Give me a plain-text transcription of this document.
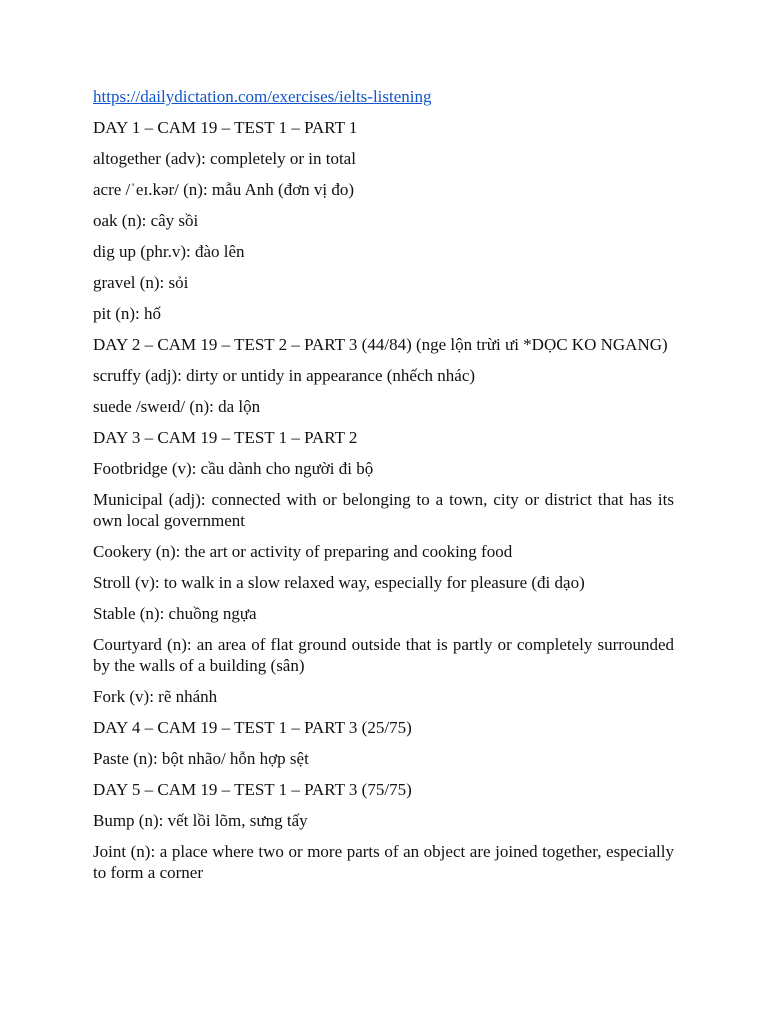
https://dailydictation.com/exercises/ielts-listening

DAY 1 – CAM 19 – TEST 1 – PART 1

altogether (adv): completely or in total

acre /ˈeɪ.kər/ (n): mẫu Anh (đơn vị đo)

oak (n): cây sồi

dig up (phr.v): đào lên

gravel (n): sỏi

pit (n): hố

DAY 2 – CAM 19 – TEST 2 – PART 3 (44/84) (nge lộn trừi ưi *DỌC KO NGANG)

scruffy (adj): dirty or untidy in appearance (nhếch nhác)

suede /sweɪd/ (n): da lộn

DAY 3 – CAM 19 – TEST 1 – PART 2

Footbridge (v): cầu dành cho người đi bộ

Municipal (adj): connected with or belonging to a town, city or district that has its own local government

Cookery (n): the art or activity of preparing and cooking food

Stroll (v): to walk in a slow relaxed way, especially for pleasure (đi dạo)

Stable (n): chuồng ngựa

Courtyard (n): an area of flat ground outside that is partly or completely surrounded by the walls of a building (sân)

Fork (v): rẽ nhánh

DAY 4 – CAM 19 – TEST 1 – PART 3 (25/75)

Paste (n): bột nhão/ hỗn hợp sệt

DAY 5 – CAM 19 – TEST 1 – PART 3 (75/75)

Bump (n): vết lồi lõm, sưng tấy

Joint (n): a place where two or more parts of an object are joined together, especially to form a corner
